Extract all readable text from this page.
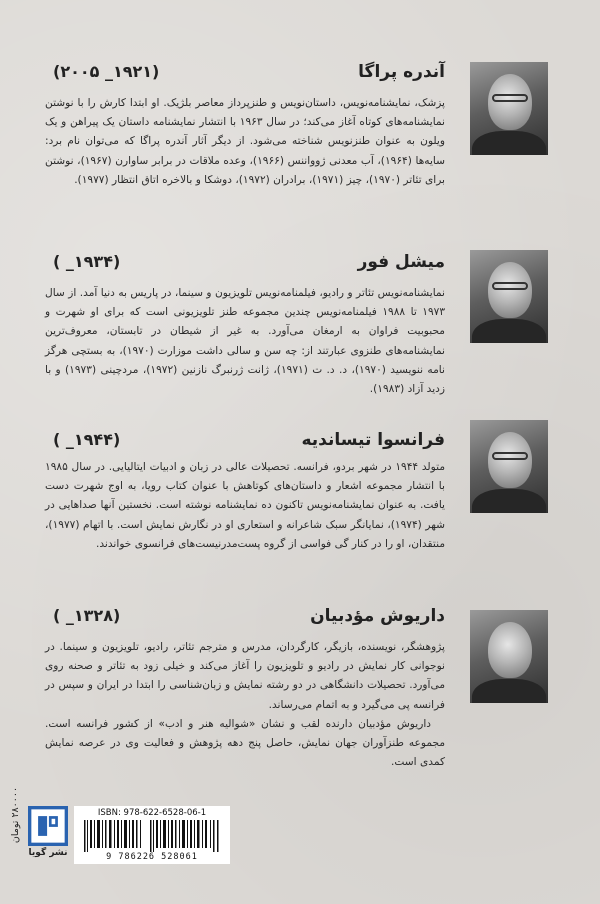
آندره پراگا
(۱۹۲۱_ ۲۰۰۵)

پزشک، نمایشنامه‌نویس، داستان‌نویس و طنزپرداز معاصر بلژیک. او ابتدا کارش را با نوشتن نمایشنامه‌های کوتاه آغاز می‌کند؛ در سال ۱۹۶۳ با انتشار نمایشنامه داستان یک پیراهن و یک ویلون به عنوان طنزنویس شناخته می‌شود. از دیگر آثار آندره پراگا که می‌توان نام برد: سایه‌ها (۱۹۶۴)، آب معدنی ژوواننس (۱۹۶۶)، وعده ملاقات در برابر ساوارن (۱۹۶۷)، نوشتن برای تئاتر (۱۹۷۰)، چیز (۱۹۷۱)، برادران (۱۹۷۲)، دوشکا و بالاخره اتاق انتظار (۱۹۷۷).

میشل فور
(۱۹۳۴_ )

نمایشنامه‌نویس تئاتر و رادیو، فیلمنامه‌نویس تلویزیون و سینما، در پاریس به دنیا آمد. از سال ۱۹۷۳ تا ۱۹۸۸ فیلمنامه‌نویس چندین مجموعه طنز تلویزیونی است که برای او شهرت و محبوبیت فراوان به ارمغان می‌آورد. به غیر از شیطان در تابستان، معروف‌ترین نمایشنامه‌های طنزوی عبارتند از: چه سن و سالی داشت موزارت (۱۹۷۰)، به بستچی هرگز نامه ننویسید (۱۹۷۰)، د. د. ت (۱۹۷۱)، ژانت ژرنبرگ نازنین (۱۹۷۲)، مردچینی (۱۹۷۳) و با زدید آزاد (۱۹۸۳).

فرانسوا تیساندیه
(۱۹۴۴_ )

متولد ۱۹۴۴ در شهر بردو، فرانسه. تحصیلات عالی در زبان و ادبیات ایتالیایی. در سال ۱۹۸۵ با انتشار مجموعه اشعار و داستان‌های کوتاهش با عنوان کتاب رویا، به اوج شهرت دست یافت. به عنوان نمایشنامه‌نویس تاکنون ده نمایشنامه نوشته است. نخستین آنها صداهایی در شهر (۱۹۷۴)، نمایانگر سبک شاعرانه و استعاری او در نگارش نمایش است. با اتهام (۱۹۷۷)، منتقدان، او را در کنار گی فواسی از گروه پست‌مدرنیست‌های فرانسوی خواندند.

داریوش مؤدبیان
(۱۳۲۸_ )

پژوهشگر، نویسنده، بازیگر، کارگردان، مدرس و مترجم تئاتر، رادیو، تلویزیون و سینما. در نوجوانی کار نمایش در رادیو و تلویزیون را آغاز می‌کند و خیلی زود به تئاتر و صحنه روی می‌آورد. تحصیلات دانشگاهی در دو رشته نمایش و زبان‌شناسی را ابتدا در ایران و سپس در فرانسه پی می‌گیرد و به اتمام می‌رساند.

داریوش مؤدبیان دارنده لقب و نشان «شوالیه هنر و ادب» از کشور فرانسه است. مجموعه طنزآوران جهان نمایش، حاصل پنج دهه پژوهش و فعالیت وی در عرصه نمایش کمدی است.

ISBN: 978-622-6528-06-1
9 786226 528061
نشر گویا
۲۸۰۰۰۰ تومان
